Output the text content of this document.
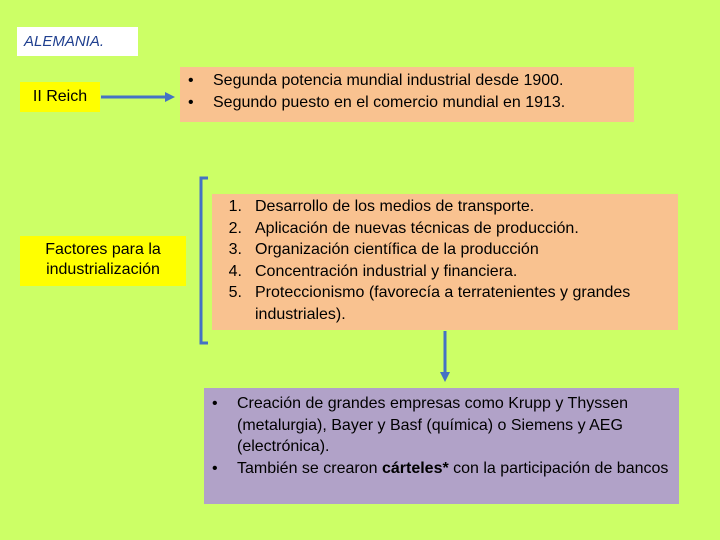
ALEMANIA.
II Reich
Factores para la
industrialización
•	Segunda potencia mundial industrial desde 1900.
•	Segundo puesto en el comercio mundial en 1913.
1. Desarrollo de los medios de transporte.
2. Aplicación de nuevas técnicas de producción.
3. Organización científica de la producción
4. Concentración industrial y financiera.
5. Proteccionismo (favorecía a terratenientes y grandes industriales).
•	Creación de grandes empresas como Krupp y Thyssen (metalurgia), Bayer y Basf (química) o Siemens y AEG (electrónica).
•	También se crearon cárteles* con la participación de bancos
